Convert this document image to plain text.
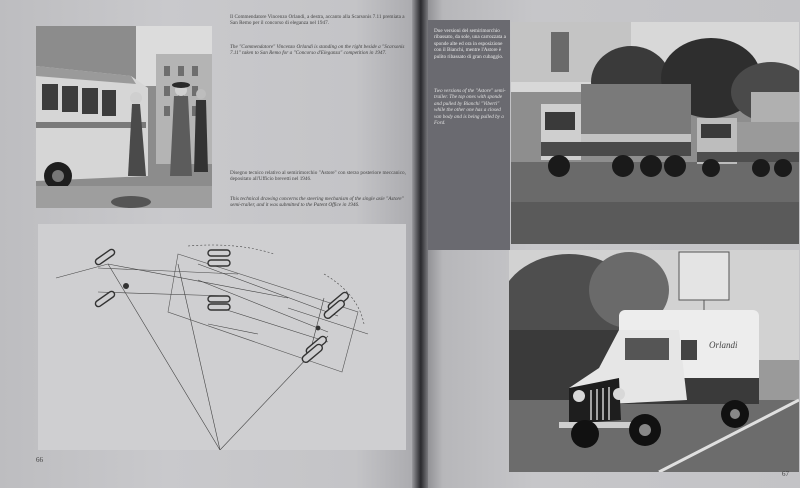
Il Commendatore Vincenzo Orlandi, a destra, accanto alla Scarsonis 7.11 premiata a San Remo per il concorso di eleganza nel 1947.
The "Commendatore" Vincenzo Orlandi is standing on the right beside a "Scarsonis 7.11" taken to San Remo for a "Concorso d'Eleganza" competition in 1947.
Disegno tecnico relativo al semirimorchio "Astore" con sterzo posteriore meccanico, depositato all'Ufficio brevetti nel 1946.
This technical drawing concerns the steering mechanism of the single axle "Astore" semi-trailer, and it was submitted to the Patent Office in 1946.
66
Due versioni del semirimorchio ribassato, da sole, una carrozzata a sponde alte ed ora in esposizione con il Bianchi, mentre l'Astore è pulito ribassato di gran cubaggio.
Two versions of the "Astore" semi-trailer. The top ones with sponde and pulled by Bianchi "Viberti" while the other one has a closed van body and is being pulled by a Ford.
Orlandi
67
